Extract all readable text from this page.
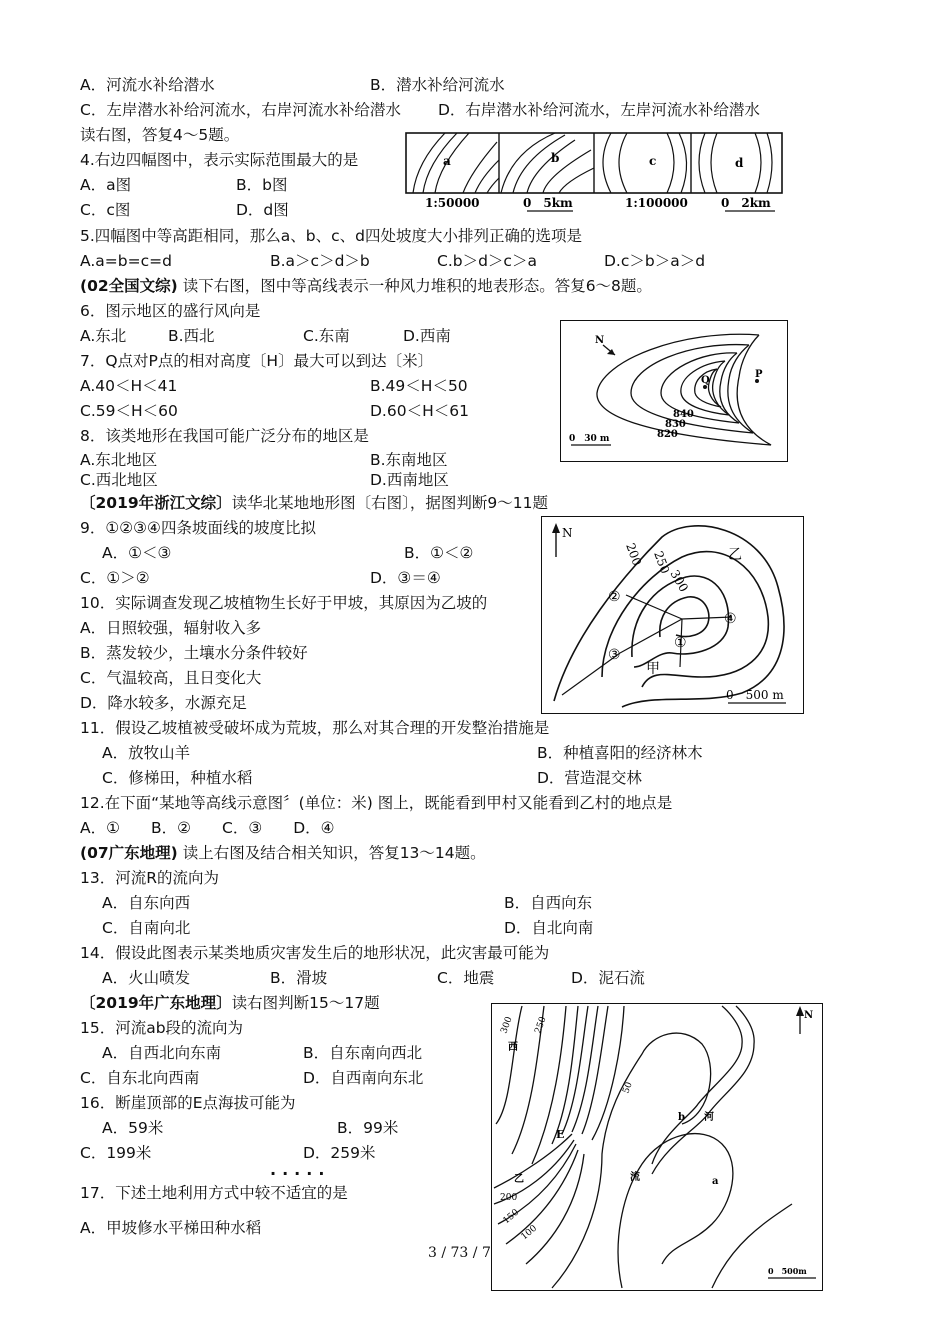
A．河流水补给潜水	B．潜水补给河流水
C．左岸潜水补给河流水，右岸河流水补给潜水 D．右岸潜水补给河流水，左岸河流水补给潜水
读右图，答复4～5题。
4.右边四幅图中，表示实际范围最大的是
A．a图	B．b图
C．c图	D．d图
5.四幅图中等高距相同，那么a、b、c、d四处坡度大小排列正确的选项是
A.a=b=c=d	B.a＞c＞d＞b	C.b＞d＞c＞a	D.c＞b＞a＞d
(02全国文综) 读下右图，图中等高线表示一种风力堆积的地表形态。答复6～8题。
6．图示地区的盛行风向是
A.东北	B.西北	C.东南	D.西南
7．Q点对P点的相对高度〔H〕最大可以到达〔米〕
A.40＜H＜41	B.49＜H＜50
C.59＜H＜60	D.60＜H＜61
8．该类地形在我国可能广泛分布的地区是
A.东北地区	B.东南地区
C.西北地区	D.西南地区
〔2019年浙江文综〕读华北某地地形图〔右图〕，据图判断9～11题
9．①②③④四条坡面线的坡度比拟
A．①＜③	B．①＜②
C．①＞②	D．③＝④
10．实际调查发现乙坡植物生长好于甲坡，其原因为乙坡的
A．日照较强，辐射收入多
B．蒸发较少，土壤水分条件较好
C．气温较高，且日变化大
D．降水较多，水源充足
11．假设乙坡植被受破坏成为荒坡，那么对其合理的开发整治措施是
A．放牧山羊	B．种植喜阳的经济林木
C．修梯田，种植水稻	D．营造混交林
12.在下面“某地等高线示意图〞(单位：米) 图上，既能看到甲村又能看到乙村的地点是
A．①　　B．②　　C．③　　D．④
(07广东地理) 读上右图及结合相关知识，答复13～14题。
13．河流R的流向为
A．自东向西	B．自西向东
C．自南向北	D．自北向南
14．假设此图表示某类地质灾害发生后的地形状况，此灾害最可能为
A．火山喷发	B．滑坡	C．地震	D．泥石流
〔2019年广东地理〕读右图判断15～17题
15．河流ab段的流向为
A．自西北向东南	B．自东南向西北
C．自东北向西南	D．自西南向东北
16．断崖顶部的E点海拔可能为
A．59米	B．99米
C．199米	D．259米
.....
17．下述土地利用方式中较不适宜的是
A．甲坡修水平梯田种水稻
3 / 73 / 7
a	b	c	d
1:50000	0　5km	1:100000	0　2km
N
Q
P
840
830
820
0　30 m
N
200 250
300
乙
甲
①
②
③
④
0　500 m
N
西
乙
E
b
a
河
流
50
100
150
200
250
300
0　500m
